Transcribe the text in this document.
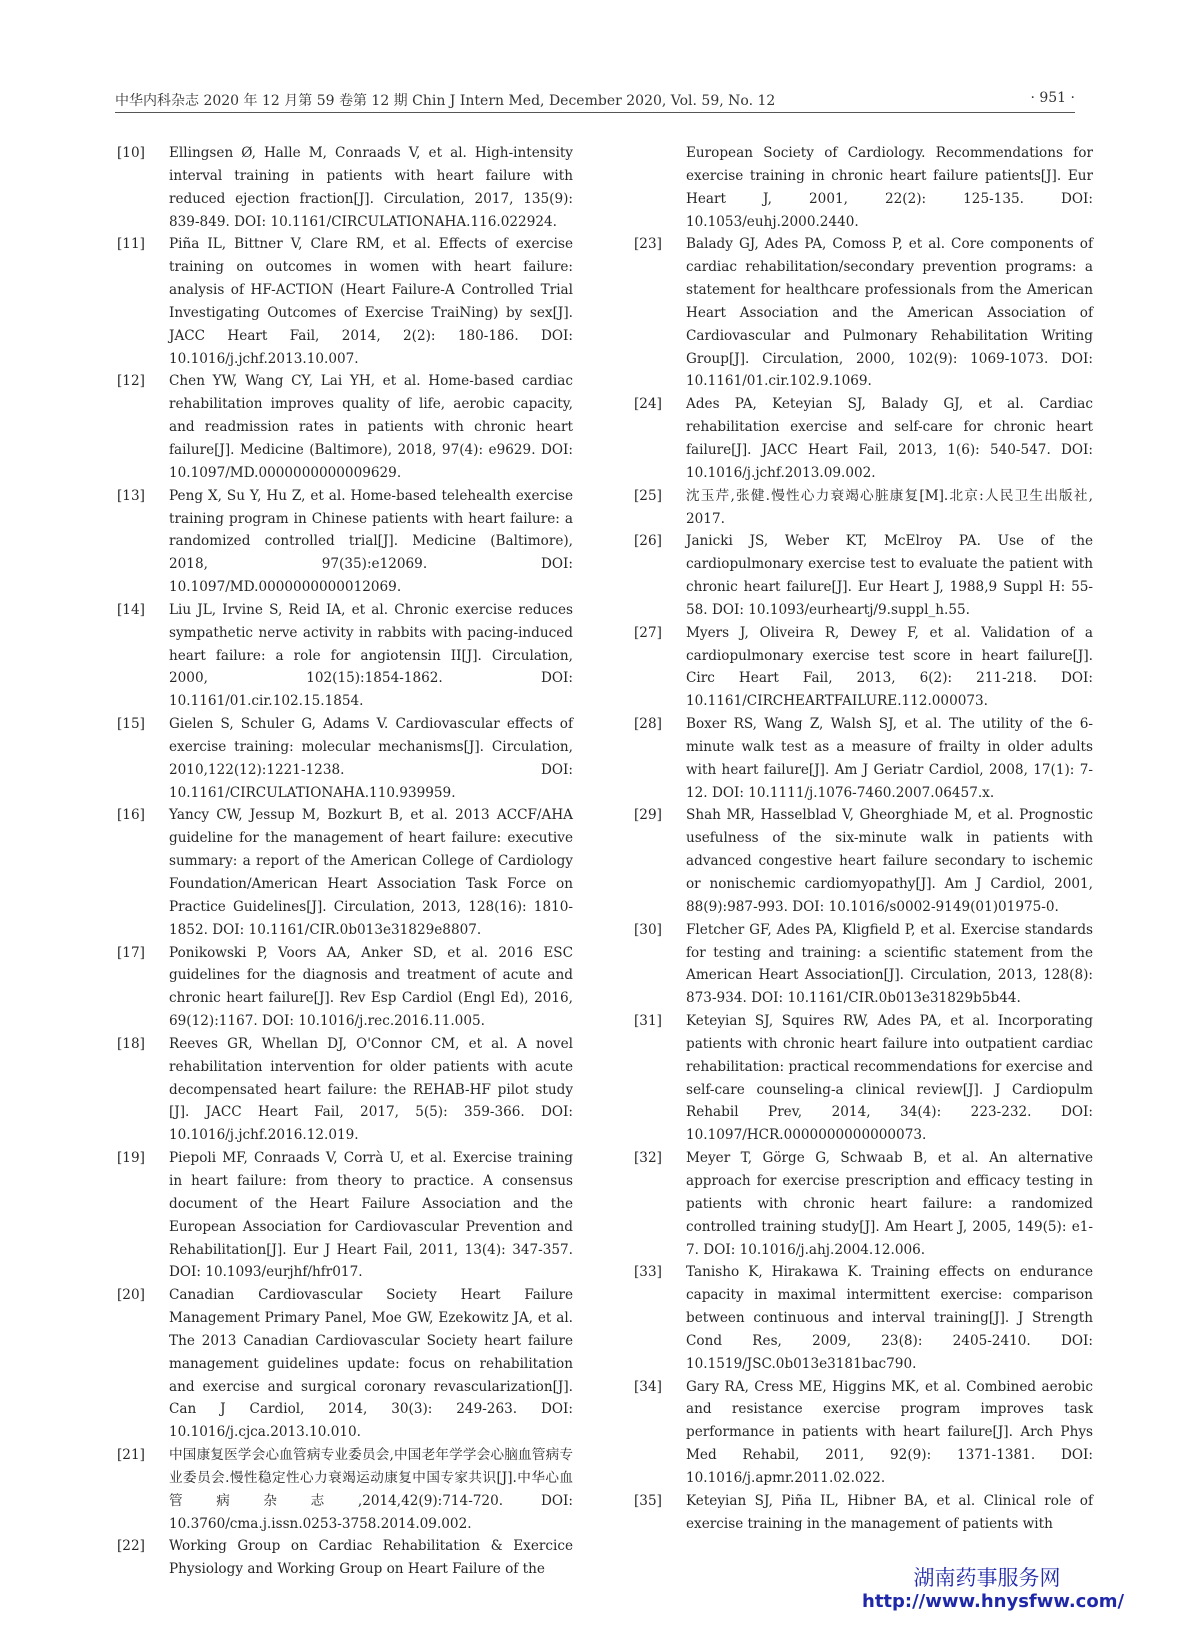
中华内科杂志 2020 年 12 月第 59 卷第 12 期 Chin J Intern Med, December 2020, Vol. 59, No. 12	· 951 ·
[10]	Ellingsen Ø, Halle M, Conraads V, et al. High-intensity interval training in patients with heart failure with reduced ejection fraction[J]. Circulation, 2017, 135(9): 839-849. DOI: 10.1161/CIRCULATIONAHA.116.022924.
[11]	Piña IL, Bittner V, Clare RM, et al. Effects of exercise training on outcomes in women with heart failure: analysis of HF-ACTION (Heart Failure-A Controlled Trial Investigating Outcomes of Exercise TraiNing) by sex[J]. JACC Heart Fail, 2014, 2(2): 180-186. DOI: 10.1016/j.jchf.2013.10.007.
[12]	Chen YW, Wang CY, Lai YH, et al. Home-based cardiac rehabilitation improves quality of life, aerobic capacity, and readmission rates in patients with chronic heart failure[J]. Medicine (Baltimore), 2018, 97(4): e9629. DOI: 10.1097/MD.0000000000009629.
[13]	Peng X, Su Y, Hu Z, et al. Home-based telehealth exercise training program in Chinese patients with heart failure: a randomized controlled trial[J]. Medicine (Baltimore), 2018, 97(35):e12069. DOI: 10.1097/MD.0000000000012069.
[14]	Liu JL, Irvine S, Reid IA, et al. Chronic exercise reduces sympathetic nerve activity in rabbits with pacing-induced heart failure: a role for angiotensin II[J]. Circulation, 2000, 102(15):1854-1862. DOI: 10.1161/01.cir.102.15.1854.
[15]	Gielen S, Schuler G, Adams V. Cardiovascular effects of exercise training: molecular mechanisms[J]. Circulation, 2010,122(12):1221-1238. DOI: 10.1161/CIRCULATIONAHA.110.939959.
[16]	Yancy CW, Jessup M, Bozkurt B, et al. 2013 ACCF/AHA guideline for the management of heart failure: executive summary: a report of the American College of Cardiology Foundation/American Heart Association Task Force on Practice Guidelines[J]. Circulation, 2013, 128(16): 1810-1852. DOI: 10.1161/CIR.0b013e31829e8807.
[17]	Ponikowski P, Voors AA, Anker SD, et al. 2016 ESC guidelines for the diagnosis and treatment of acute and chronic heart failure[J]. Rev Esp Cardiol (Engl Ed), 2016, 69(12):1167. DOI: 10.1016/j.rec.2016.11.005.
[18]	Reeves GR, Whellan DJ, O'Connor CM, et al. A novel rehabilitation intervention for older patients with acute decompensated heart failure: the REHAB-HF pilot study [J]. JACC Heart Fail, 2017, 5(5): 359-366. DOI: 10.1016/j.jchf.2016.12.019.
[19]	Piepoli MF, Conraads V, Corrà U, et al. Exercise training in heart failure: from theory to practice. A consensus document of the Heart Failure Association and the European Association for Cardiovascular Prevention and Rehabilitation[J]. Eur J Heart Fail, 2011, 13(4): 347-357. DOI: 10.1093/eurjhf/hfr017.
[20]	Canadian Cardiovascular Society Heart Failure Management Primary Panel, Moe GW, Ezekowitz JA, et al. The 2013 Canadian Cardiovascular Society heart failure management guidelines update: focus on rehabilitation and exercise and surgical coronary revascularization[J]. Can J Cardiol, 2014, 30(3): 249-263. DOI: 10.1016/j.cjca.2013.10.010.
[21]	中国康复医学会心血管病专业委员会,中国老年学学会心脑血管病专业委员会.慢性稳定性心力衰竭运动康复中国专家共识[J].中华心血管病杂志,2014,42(9):714-720. DOI: 10.3760/cma.j.issn.0253-3758.2014.09.002.
[22]	Working Group on Cardiac Rehabilitation & Exercice Physiology and Working Group on Heart Failure of the
European Society of Cardiology. Recommendations for exercise training in chronic heart failure patients[J]. Eur Heart J, 2001, 22(2): 125-135. DOI: 10.1053/euhj.2000.2440.
[23]	Balady GJ, Ades PA, Comoss P, et al. Core components of cardiac rehabilitation/secondary prevention programs: a statement for healthcare professionals from the American Heart Association and the American Association of Cardiovascular and Pulmonary Rehabilitation Writing Group[J]. Circulation, 2000, 102(9): 1069-1073. DOI: 10.1161/01.cir.102.9.1069.
[24]	Ades PA, Keteyian SJ, Balady GJ, et al. Cardiac rehabilitation exercise and self-care for chronic heart failure[J]. JACC Heart Fail, 2013, 1(6): 540-547. DOI: 10.1016/j.jchf.2013.09.002.
[25]	沈玉芹,张健.慢性心力衰竭心脏康复[M].北京:人民卫生出版社, 2017.
[26]	Janicki JS, Weber KT, McElroy PA. Use of the cardiopulmonary exercise test to evaluate the patient with chronic heart failure[J]. Eur Heart J, 1988,9 Suppl H: 55-58. DOI: 10.1093/eurheartj/9.suppl_h.55.
[27]	Myers J, Oliveira R, Dewey F, et al. Validation of a cardiopulmonary exercise test score in heart failure[J]. Circ Heart Fail, 2013, 6(2): 211-218. DOI: 10.1161/CIRCHEARTFAILURE.112.000073.
[28]	Boxer RS, Wang Z, Walsh SJ, et al. The utility of the 6-minute walk test as a measure of frailty in older adults with heart failure[J]. Am J Geriatr Cardiol, 2008, 17(1): 7-12. DOI: 10.1111/j.1076-7460.2007.06457.x.
[29]	Shah MR, Hasselblad V, Gheorghiade M, et al. Prognostic usefulness of the six-minute walk in patients with advanced congestive heart failure secondary to ischemic or nonischemic cardiomyopathy[J]. Am J Cardiol, 2001, 88(9):987-993. DOI: 10.1016/s0002-9149(01)01975-0.
[30]	Fletcher GF, Ades PA, Kligfield P, et al. Exercise standards for testing and training: a scientific statement from the American Heart Association[J]. Circulation, 2013, 128(8): 873-934. DOI: 10.1161/CIR.0b013e31829b5b44.
[31]	Keteyian SJ, Squires RW, Ades PA, et al. Incorporating patients with chronic heart failure into outpatient cardiac rehabilitation: practical recommendations for exercise and self-care counseling-a clinical review[J]. J Cardiopulm Rehabil Prev, 2014, 34(4): 223-232. DOI: 10.1097/HCR.0000000000000073.
[32]	Meyer T, Görge G, Schwaab B, et al. An alternative approach for exercise prescription and efficacy testing in patients with chronic heart failure: a randomized controlled training study[J]. Am Heart J, 2005, 149(5): e1-7. DOI: 10.1016/j.ahj.2004.12.006.
[33]	Tanisho K, Hirakawa K. Training effects on endurance capacity in maximal intermittent exercise: comparison between continuous and interval training[J]. J Strength Cond Res, 2009, 23(8): 2405-2410. DOI: 10.1519/JSC.0b013e3181bac790.
[34]	Gary RA, Cress ME, Higgins MK, et al. Combined aerobic and resistance exercise program improves task performance in patients with heart failure[J]. Arch Phys Med Rehabil, 2011, 92(9): 1371-1381. DOI: 10.1016/j.apmr.2011.02.022.
[35]	Keteyian SJ, Piña IL, Hibner BA, et al. Clinical role of exercise training in the management of patients with
湖南药事服务网
http://www.hnysfww.com/
